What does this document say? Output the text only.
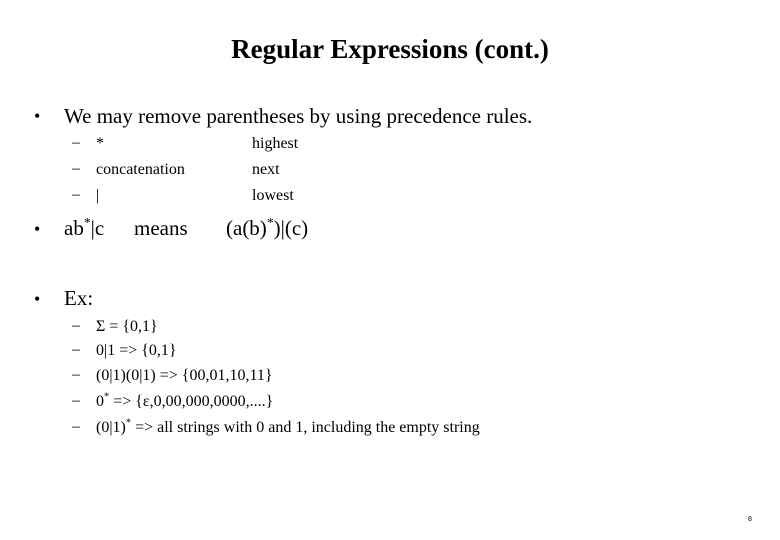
Regular Expressions (cont.)
• We may remove parentheses by using precedence rules.
– *	highest
– concatenation	next
– |	lowest
• ab*|c means (a(b)*)|(c)
• Ex:
– Σ = {0,1}
– 0|1 => {0,1}
– (0|1)(0|1) => {00,01,10,11}
– 0* => {ε,0,00,000,0000,....}
– (0|1)* => all strings with 0 and 1, including the empty string
8
